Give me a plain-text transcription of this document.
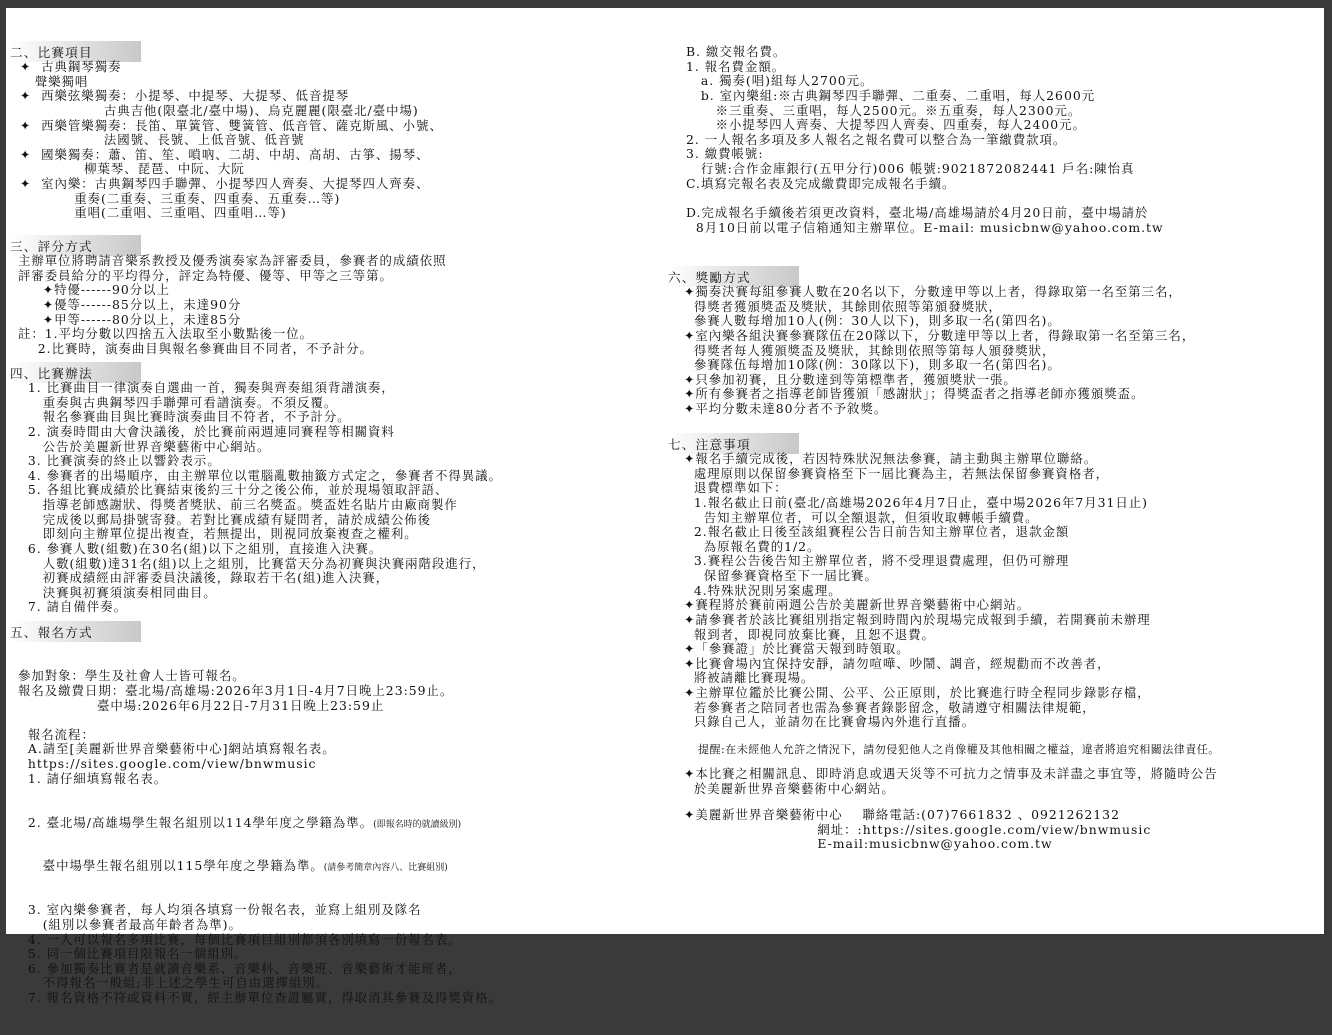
二、比賽項目
✦  古典鋼琴獨奏
聲樂獨唱
✦  西樂弦樂獨奏：小提琴、中提琴、大提琴、低音提琴
古典吉他(限臺北/臺中場)、烏克麗麗(限臺北/臺中場)
✦  西樂管樂獨奏：長笛、單簧管、雙簧管、低音管、薩克斯風、小號、
法國號、長號、上低音號、低音號
✦  國樂獨奏：蕭、笛、笙、嗩吶、二胡、中胡、高胡、古箏、揚琴、
柳葉琴、琵琶、中阮、大阮
✦  室內樂：古典鋼琴四手聯彈、小提琴四人齊奏、大提琴四人齊奏、
重奏(二重奏、三重奏、四重奏、五重奏…等)
重唱(二重唱、三重唱、四重唱…等)
三、評分方式
主辦單位將聘請音樂系教授及優秀演奏家為評審委員，參賽者的成績依照
評審委員給分的平均得分，評定為特優、優等、甲等之三等第。
✦特優------90分以上
✦優等------85分以上，未達90分
✦甲等------80分以上，未達85分
註：1.平均分數以四捨五入法取至小數點後一位。
2.比賽時，演奏曲目與報名參賽曲目不同者，不予計分。
四、比賽辦法
1. 比賽曲目一律演奏自選曲一首，獨奏與齊奏組須背譜演奏，
重奏與古典鋼琴四手聯彈可看譜演奏。不須反覆。
報名參賽曲目與比賽時演奏曲目不符者，不予計分。
2. 演奏時間由大會決議後，於比賽前兩週連同賽程等相關資料
公告於美麗新世界音樂藝術中心網站。
3. 比賽演奏的終止以響鈴表示。
4. 參賽者的出場順序，由主辦單位以電腦亂數抽籤方式定之，參賽者不得異議。
5. 各組比賽成績於比賽結束後約三十分之後公佈，並於現場領取評語、
指導老師感謝狀、得獎者獎狀、前三名獎盃。獎盃姓名貼片由廠商製作
完成後以郵局掛號寄發。若對比賽成績有疑問者，請於成績公佈後
即刻向主辦單位提出複查，若無提出，則視同放棄複查之權利。
6. 參賽人數(組數)在30名(組)以下之組別，直接進入決賽。
人數(組數)達31名(組)以上之組別，比賽當天分為初賽與決賽兩階段進行，
初賽成績經由評審委員決議後，錄取若干名(組)進入決賽，
決賽與初賽須演奏相同曲目。
7. 請自備伴奏。
五、報名方式

參加對象：學生及社會人士皆可報名。
報名及繳費日期：臺北場/高雄場:2026年3月1日-4月7日晚上23:59止。
臺中場:2026年6月22日-7月31日晚上23:59止

報名流程：
A.請至[美麗新世界音樂藝術中心]網站填寫報名表。
https://sites.google.com/view/bnwmusic
1. 請仔細填寫報名表。

2. 臺北場/高雄場學生報名組別以114學年度之學籍為準。(即報名時的就讀級別)

臺中場學生報名組別以115學年度之學籍為準。(請參考簡章內容八、比賽組別)

3. 室內樂參賽者，每人均須各填寫一份報名表，並寫上組別及隊名
(組別以參賽者最高年齡者為準)。
4. 一人可以報名多項比賽，每個比賽項目組別都須各別填寫一份報名表。
5. 同一個比賽項目限報名一個組別。
6. 參加獨奏比賽者是就讀音樂系、音樂科、音樂班、音樂藝術才能班者，
不得報名一般組;非上述之學生可自由選擇組別。
7. 報名資格不符或資料不實，經主辦單位查證屬實，得取消其參賽及得獎資格。

B. 繳交報名費。
1. 報名費金額。
a. 獨奏(唱)組每人2700元。
b. 室內樂組:※古典鋼琴四手聯彈、二重奏、二重唱，每人2600元
※三重奏、三重唱，每人2500元。※五重奏，每人2300元。
※小提琴四人齊奏、大提琴四人齊奏、四重奏，每人2400元。
2. 一人報名多項及多人報名之報名費可以整合為一筆繳費款項。
3. 繳費帳號:
行號:合作金庫銀行(五甲分行)006 帳號:9021872082441 戶名:陳怡真
C.填寫完報名表及完成繳費即完成報名手續。

D.完成報名手續後若須更改資料，臺北場/高雄場請於4月20日前，臺中場請於
8月10日前以電子信箱通知主辦單位。E-mail: musicbnw@yahoo.com.tw
六、獎勵方式
✦獨奏決賽每組參賽人數在20名以下，分數達甲等以上者，得錄取第一名至第三名，
得獎者獲頒獎盃及獎狀，其餘則依照等第頒發獎狀，
參賽人數每增加10人(例：30人以下)，則多取一名(第四名)。
✦室內樂各組決賽參賽隊伍在20隊以下，分數達甲等以上者，得錄取第一名至第三名，
得獎者每人獲頒獎盃及獎狀，其餘則依照等第每人頒發獎狀，
參賽隊伍每增加10隊(例：30隊以下)，則多取一名(第四名)。
✦只參加初賽，且分數達到等第標準者，獲頒獎狀一張。
✦所有參賽者之指導老師皆獲頒「感謝狀」；得獎盃者之指導老師亦獲頒獎盃。
✦平均分數未達80分者不予敘獎。
七、注意事項
✦報名手續完成後，若因特殊狀況無法參賽，請主動與主辦單位聯絡。
處理原則以保留參賽資格至下一屆比賽為主，若無法保留參賽資格者，
退費標準如下：
1.報名截止日前(臺北/高雄場2026年4月7日止，臺中場2026年7月31日止)
告知主辦單位者，可以全額退款，但須收取轉帳手續費。
2.報名截止日後至該組賽程公告日前告知主辦單位者，退款金額
為原報名費的1/2。
3.賽程公告後告知主辦單位者，將不受理退費處理，但仍可辦理
保留參賽資格至下一屆比賽。
4.特殊狀況則另案處理。
✦賽程將於賽前兩週公告於美麗新世界音樂藝術中心網站。
✦請參賽者於該比賽組別指定報到時間內於現場完成報到手續，若開賽前未辦理
報到者，即視同放棄比賽，且恕不退費。
✦「參賽證」於比賽當天報到時領取。
✦比賽會場內宜保持安靜，請勿喧嘩、吵鬧、調音，經規勸而不改善者，
將被請離比賽現場。
✦主辦單位鑑於比賽公開、公平、公正原則，於比賽進行時全程同步錄影存檔，
若參賽者之陪同者也需為參賽者錄影留念，敬請遵守相關法律規範，
只錄自己人，並請勿在比賽會場內外進行直播。
提醒:在未經他人允許之情況下，請勿侵犯他人之肖像權及其他相關之權益，違者將追究相關法律責任。
✦本比賽之相關訊息、即時消息或遇天災等不可抗力之情事及未詳盡之事宜等，將隨時公告
於美麗新世界音樂藝術中心網站。
✦美麗新世界音樂藝術中心    聯絡電話:(07)7661832 、0921262132
網址：:https://sites.google.com/view/bnwmusic
E-mail:musicbnw@yahoo.com.tw
